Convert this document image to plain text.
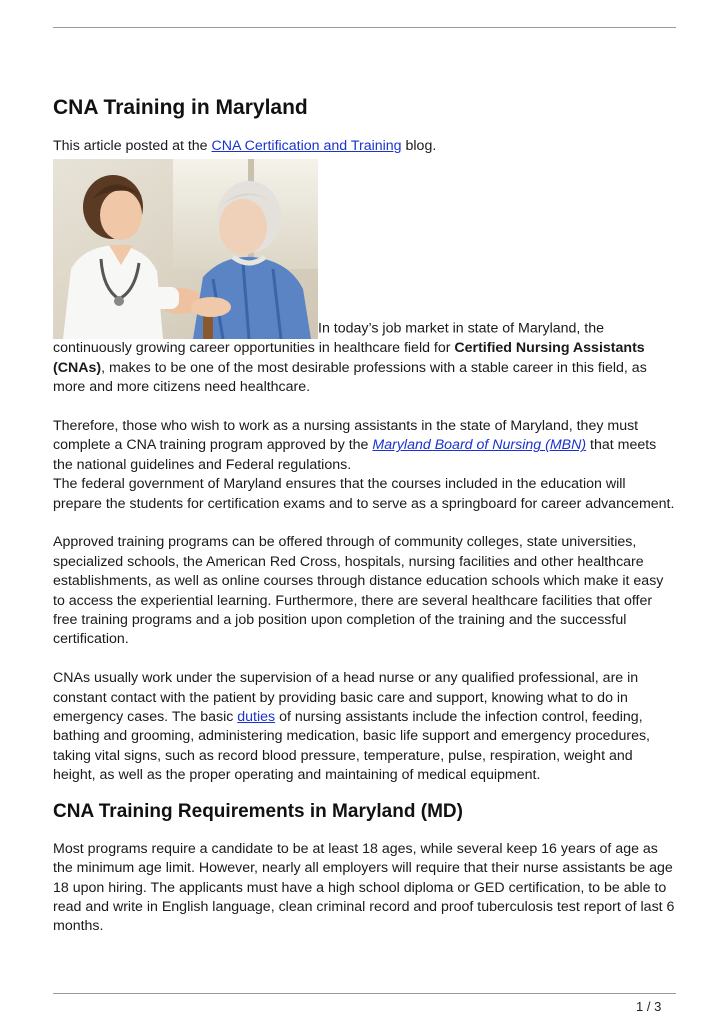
CNA Training in Maryland

This article posted at the CNA Certification and Training blog.

In today’s job market in state of Maryland, the continuously growing career opportunities in healthcare field for Certified Nursing Assistants (CNAs), makes to be one of the most desirable professions with a stable career in this field, as more and more citizens need healthcare.

Therefore, those who wish to work as a nursing assistants in the state of Maryland, they must complete a CNA training program approved by the Maryland Board of Nursing (MBN) that meets the national guidelines and Federal regulations.

The federal government of Maryland ensures that the courses included in the education will prepare the students for certification exams and to serve as a springboard for career advancement.

Approved training programs can be offered through of community colleges, state universities, specialized schools, the American Red Cross, hospitals, nursing facilities and other healthcare establishments, as well as online courses through distance education schools which make it easy to access the experiential learning. Furthermore, there are several healthcare facilities that offer free training programs and a job position upon completion of the training and the successful certification.

CNAs usually work under the supervision of a head nurse or any qualified professional, are in constant contact with the patient by providing basic care and support, knowing what to do in emergency cases. The basic duties of nursing assistants include the infection control, feeding, bathing and grooming, administering medication, basic life support and emergency procedures, taking vital signs, such as record blood pressure, temperature, pulse, respiration, weight and height, as well as the proper operating and maintaining of medical equipment.

CNA Training Requirements in Maryland (MD)

Most programs require a candidate to be at least 18 ages, while several keep 16 years of age as the minimum age limit. However, nearly all employers will require that their nurse assistants be age 18 upon hiring. The applicants must have a high school diploma or GED certification, to be able to read and write in English language, clean criminal record and proof tuberculosis test report of last 6 months.

1 / 3
